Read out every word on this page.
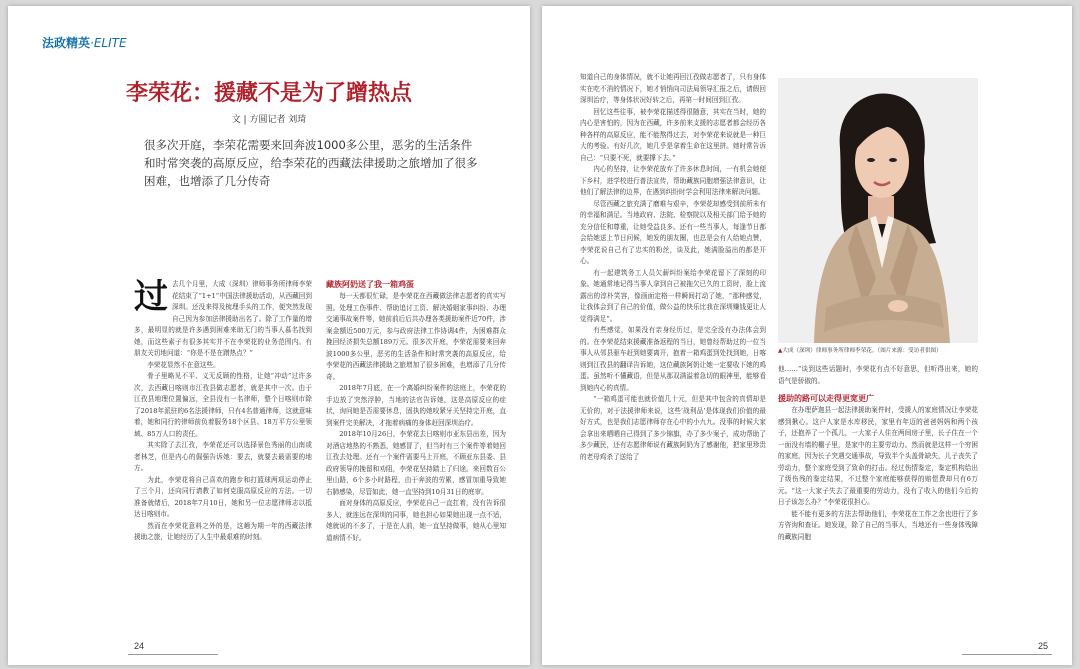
法政精英·ELITE
李荣花：援藏不是为了蹭热点
文 | 方圆记者 刘琦
很多次开庭，李荣花需要来回奔波1000多公里，恶劣的生活条件和时常突袭的高原反应，给李荣花的西藏法律援助之旅增加了很多困难，也增添了几分传奇
过 去几个月里，大成（深圳）律师事务所律师李荣花结束了“1+1”中国法律援助活动，从西藏回到深圳。还没来得及梳理手头的工作，便突然发现自己因为参加法律援助出名了。除了工作量的增多，最明显的就是许多遇到困难来助无门的当事人慕名找到她，而这些素子有很多其实并不在李荣花的业务范围内。有朋友关切地问道：“你是不是在蹭热点？”

李荣花显然不在意这些。

骨子里略见不平、义无反顾的性格，让她“冲动”过许多次，去西藏日喀则市江孜县做志愿者，就是其中一次。由于江孜县地理位置偏远，全县没有一名律师，整个日喀则市除了2018年派驻的6名法援律师，只有4名普通律师，这就意味着，她和同行的律师前负着服务18个区县、18万平方公里领域、85万人口的责任。

其实除了去江孜，李荣花还可以选择景色秀丽的山南或者林芝，但是内心的倔强告诉她：要去，就要去最需要的地方。

为此，李荣花将自己喜欢的跑步和打篮球两项运动停止了三个月，还向同行请教了如何克服高原反应的方法。一切准备就绪后，2018年7月10日，她和另一位志愿律师志以抵达日喀则市。

然而在李荣花意料之外的是，这趟为期一年的西藏法律援助之旅，让她经历了人生中最艰难的时刻。

藏族阿奶送了我一箱鸡蛋

每一天都很忙碌，是李荣花在西藏做法律志愿者的真实写照。处理工伤事件、帮助追讨工资、解决婚姻家事纠纷、办理交通事故案件等，她前前后后共办理各类援助案件近70件，涉案金额近500万元，参与政府法律工作协调4件，为困难群众挽回经济损失总额189万元。很多次开庭，李荣花需要来回奔波1000多公里，恶劣的生活条件和时常突袭的高原反应，给李荣花的西藏法律援助之旅增加了很多困难，也增添了几分传奇。

2018年7月底，在一个离婚纠纷案件的法庭上，李荣花的手边放了突然浮肿，当地的法官告诉她，这是高原反应的症状，询问她是否需要休息，固执的她咬紧牙关坚持完开庭，直到案件完美解决，才拖着病痛的身体赶回深圳治疗。

2018年10月26日，李荣花去日喀则市亚东县出差，因为对酒店地热的不熟悉，她感冒了，但当时有三个案件等着她回江孜去处理。还有一个案件需要马上开庭，不顾亚东县委、县政府领导的挽留和劝阻，李荣花坚持踏上了归途。来回数百公里山路，6个多小时路程，由于奔波的劳累，感冒加重导致她右肺感染，尽管如此，她一直坚持到10月31日的庭审。

面对身体的高原反应，李荣花自己一直扛着，没有告诉很多人，就连远在深圳的同事，她也担心如果她出现一点不适，她就说的不多了，于是在人前，她一直坚持做事，她从心里知道病情不好。

24

知道自己的身体情况，就不让她再回江孜做志愿者了，只有身体实在吃不消的情况下，她才悄悄向司法局领导汇报之后，请假回深圳治疗，等身体状况好转之后，再第一时间回到江孜。

回忆这些往事，被李荣花描述得很随意，其实在当时，她的内心是害怕的，因为在西藏，许多前来支援的志愿者都会经历各种各样的高原反应，能不能熬得过去，对李荣花来说就是一种巨大的考验。有好几次，她几乎是拿着生命在这里拼。她时常告诉自己：“只要不死，就要撑下去。”

内心的坚持，让李荣花放弃了许多休息时间，一有机会她便下乡村，进学校进行普法宣传，帮助藏族同胞增强法律意识，让他们了解法律的边界，在遇到纠纷时学会利用法律来解决问题。

尽管西藏之旅充满了磨难与艰辛，李荣花却感受到前所未有的幸福和满足。当地政府、法院、检察院以及相关部门给予她的充分信任和尊重，让她受益良多。还有一些当事人，每逢节日都会给她送上节日问候，她发的朋友圈，也总是会有人给她点赞，李荣花说自己有了忠实的粉丝，谈及此，她满脸溢出的都是开心。

有一起建筑务工人员欠薪纠纷案给李荣花留下了深刻的印象。她通常地记得当事人拿到自己被拖欠已久的工资时，脸上流露出的淳朴笑容，像画面定格一样瞬间打动了她，“那种感觉，让我体会到了自己的价值，做公益的快乐比我在深圳赚钱更让人觉得满足”。

有些感觉，如果没有亲身经历过，是完全没有办法体会到的。在李荣花结束援藏准备返程的当日，她曾经帮助过的一位当事人从邻县驱车赶到她要离开，抱着一箱鸡蛋到处找到她，日喀则到江孜县的翻译告诉她，这位藏族阿奶让她一定要收下她的鸡蛋。虽然听不懂藏语，但是从那双满溢着急切的眼神里，能够看到她内心的真情。

“一箱鸡蛋可能也就价值几十元，但是其中包含的真情却是无价的，对于法援律师来说，这些‘战利品’是体现我们价值的最好方式，也是我们志愿律师存在心中的小九九。没事的时候大家会拿出来晒晒自己得到了多少锦旗，办了多少案子，成功帮助了多少藏民，还有志愿律师说有藏族阿奶为了感谢他，把家里珍贵的老母鸡杀了送给了

▲大成（深圳）律师事务所律师李荣花。（图片来源：受访者供图）

他……”谈到这些话题时，李荣花有点不好意思，但听得出来，她的语气是骄傲的。

援助的路可以走得更宽更广

在办理萨迦县一起法律援助案件时，受援人的家庭情况让李荣花感到揪心。这户人家是水库移民，家里有年迈的爸爸妈妈和两个孩子，还抱养了一个孤儿，一大家子人住在两间房子里，长子住在一个一面没有墙的棚子里，是家中的主要劳动力。然而就是这样一个穷困的家庭，因为长子突遇交通事故，导致半个头盖骨缺失，儿子丧失了劳动力，整个家庭受到了致命的打击。经过伤情鉴定，鉴定机构给出了级伤残的鉴定结果，不过整个家庭能够获得的赔偿费却只有6万元。“这一大家子失去了最重要的劳动力，没有了收入的他们今后的日子该怎么办？”李荣花很担心。

能不能有更多的方法去帮助他们，李荣花在工作之余也进行了多方咨询和查证。她发现，除了自己的当事人，当地还有一些身体残障的藏族同胞

25
